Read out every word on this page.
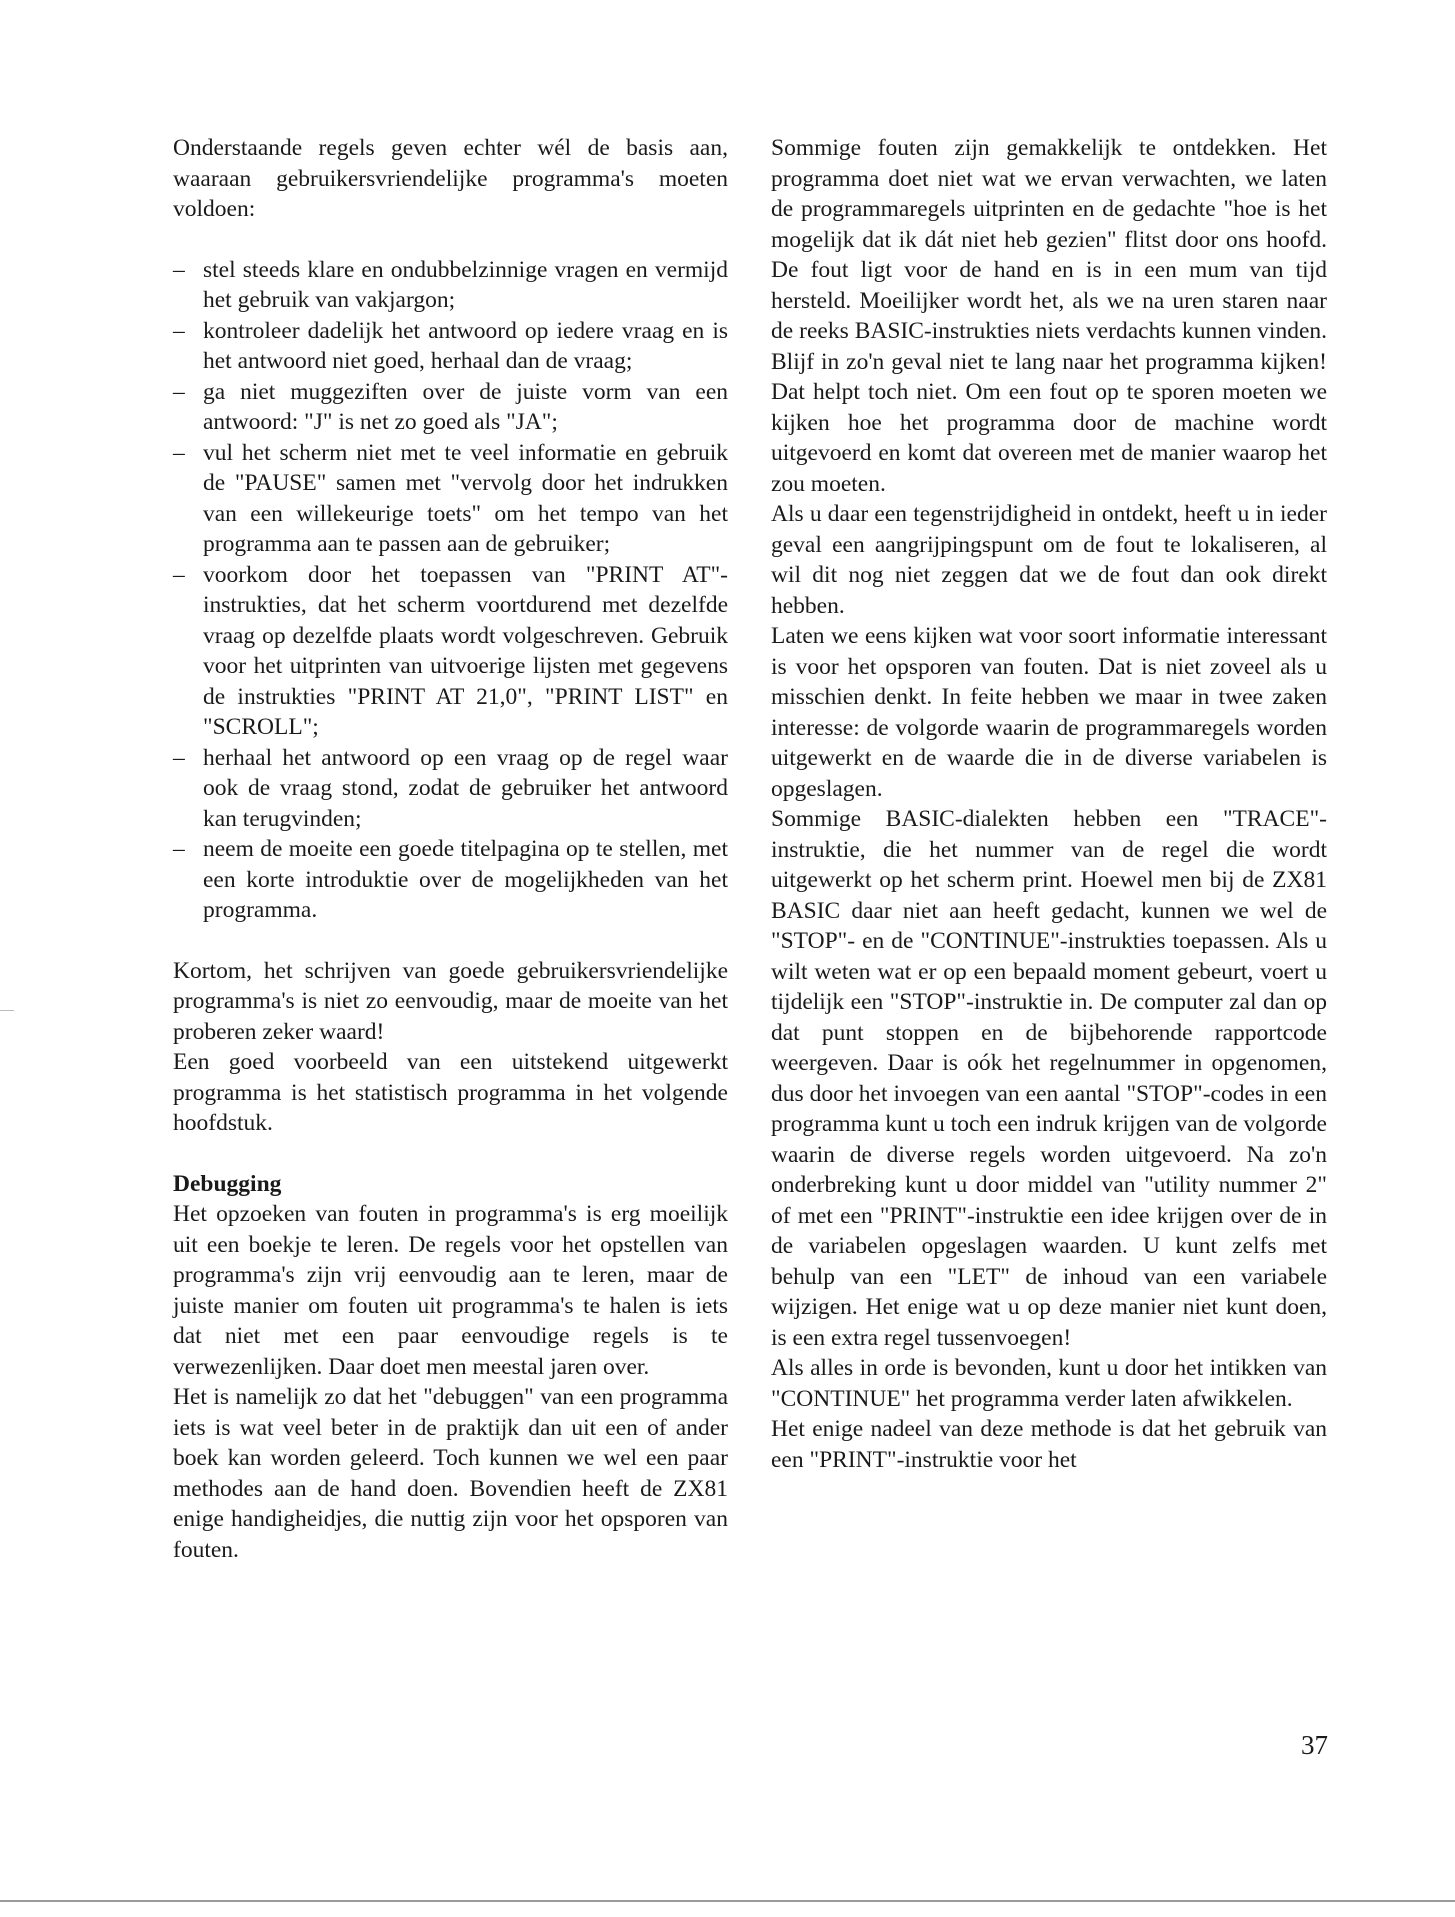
Onderstaande regels geven echter wél de basis aan, waaraan gebruikersvriendelijke programma's moeten voldoen:

– stel steeds klare en ondubbelzinnige vragen en vermijd het gebruik van vakjargon;
– kontroleer dadelijk het antwoord op iedere vraag en is het antwoord niet goed, herhaal dan de vraag;
– ga niet muggeziften over de juiste vorm van een antwoord: "J" is net zo goed als "JA";
– vul het scherm niet met te veel informatie en gebruik de "PAUSE" samen met "vervolg door het indrukken van een willekeurige toets" om het tempo van het programma aan te passen aan de gebruiker;
– voorkom door het toepassen van "PRINT AT"-instrukties, dat het scherm voortdurend met dezelfde vraag op dezelfde plaats wordt volgeschreven. Gebruik voor het uitprinten van uitvoerige lijsten met gegevens de instrukties "PRINT AT 21,0", "PRINT LIST" en "SCROLL";
– herhaal het antwoord op een vraag op de regel waar ook de vraag stond, zodat de gebruiker het antwoord kan terugvinden;
– neem de moeite een goede titelpagina op te stellen, met een korte introduktie over de mogelijkheden van het programma.

Kortom, het schrijven van goede gebruikersvriendelijke programma's is niet zo eenvoudig, maar de moeite van het proberen zeker waard!

Een goed voorbeeld van een uitstekend uitgewerkt programma is het statistisch programma in het volgende hoofdstuk.

Debugging

Het opzoeken van fouten in programma's is erg moeilijk uit een boekje te leren. De regels voor het opstellen van programma's zijn vrij eenvoudig aan te leren, maar de juiste manier om fouten uit programma's te halen is iets dat niet met een paar eenvoudige regels is te verwezenlijken. Daar doet men meestal jaren over.

Het is namelijk zo dat het "debuggen" van een programma iets is wat veel beter in de praktijk dan uit een of ander boek kan worden geleerd. Toch kunnen we wel een paar methodes aan de hand doen. Bovendien heeft de ZX81 enige handigheidjes, die nuttig zijn voor het opsporen van fouten.

Sommige fouten zijn gemakkelijk te ontdekken. Het programma doet niet wat we ervan verwachten, we laten de programmaregels uitprinten en de gedachte "hoe is het mogelijk dat ik dát niet heb gezien" flitst door ons hoofd. De fout ligt voor de hand en is in een mum van tijd hersteld. Moeilijker wordt het, als we na uren staren naar de reeks BASIC-instrukties niets verdachts kunnen vinden. Blijf in zo'n geval niet te lang naar het programma kijken! Dat helpt toch niet. Om een fout op te sporen moeten we kijken hoe het programma door de machine wordt uitgevoerd en komt dat overeen met de manier waarop het zou moeten.

Als u daar een tegenstrijdigheid in ontdekt, heeft u in ieder geval een aangrijpingspunt om de fout te lokaliseren, al wil dit nog niet zeggen dat we de fout dan ook direkt hebben.

Laten we eens kijken wat voor soort informatie interessant is voor het opsporen van fouten. Dat is niet zoveel als u misschien denkt. In feite hebben we maar in twee zaken interesse: de volgorde waarin de programmaregels worden uitgewerkt en de waarde die in de diverse variabelen is opgeslagen.

Sommige BASIC-dialekten hebben een "TRACE"-instruktie, die het nummer van de regel die wordt uitgewerkt op het scherm print. Hoewel men bij de ZX81 BASIC daar niet aan heeft gedacht, kunnen we wel de "STOP"- en de "CONTINUE"-instrukties toepassen. Als u wilt weten wat er op een bepaald moment gebeurt, voert u tijdelijk een "STOP"-instruktie in. De computer zal dan op dat punt stoppen en de bijbehorende rapportcode weergeven. Daar is oók het regelnummer in opgenomen, dus door het invoegen van een aantal "STOP"-codes in een programma kunt u toch een indruk krijgen van de volgorde waarin de diverse regels worden uitgevoerd. Na zo'n onderbreking kunt u door middel van "utility nummer 2" of met een "PRINT"-instruktie een idee krijgen over de in de variabelen opgeslagen waarden. U kunt zelfs met behulp van een "LET" de inhoud van een variabele wijzigen. Het enige wat u op deze manier niet kunt doen, is een extra regel tussenvoegen!

Als alles in orde is bevonden, kunt u door het intikken van "CONTINUE" het programma verder laten afwikkelen.

Het enige nadeel van deze methode is dat het gebruik van een "PRINT"-instruktie voor het

37
